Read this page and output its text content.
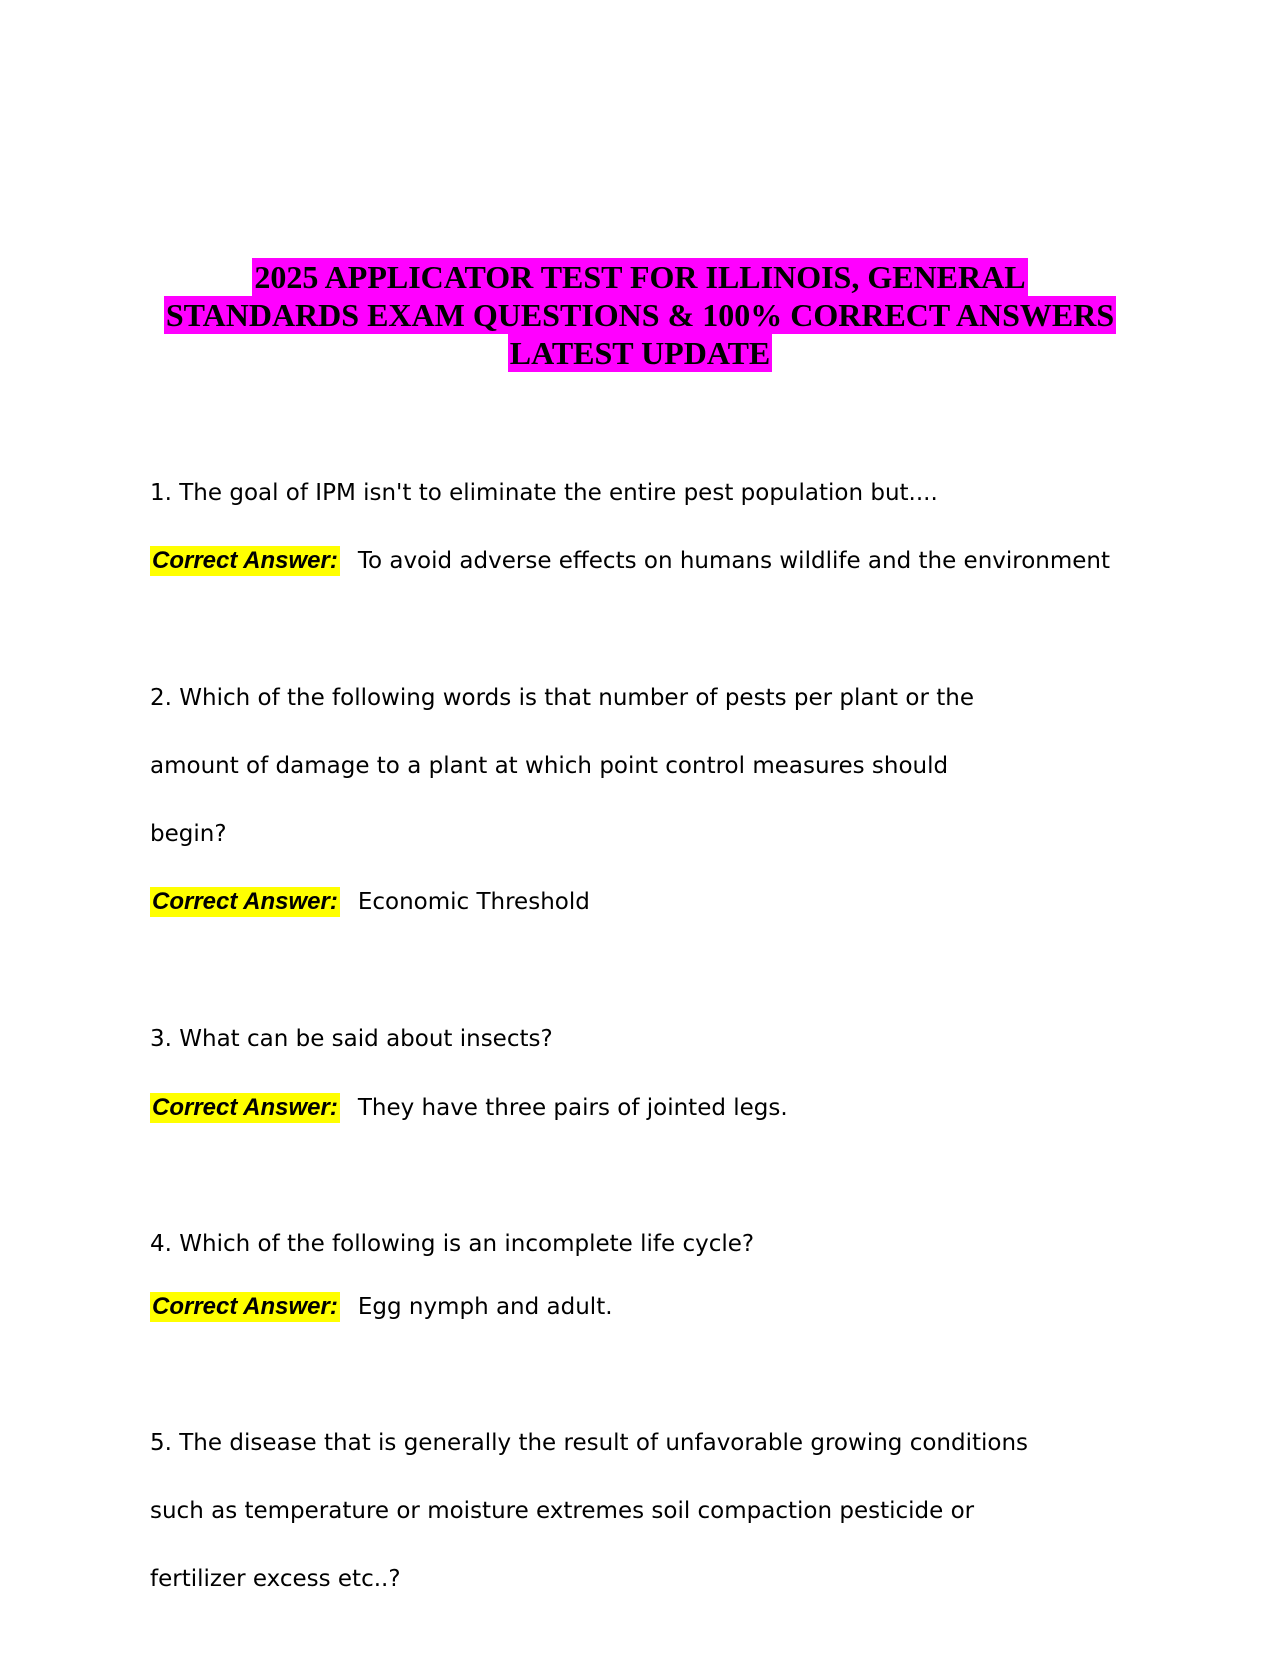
2025 APPLICATOR TEST FOR ILLINOIS, GENERAL
STANDARDS EXAM QUESTIONS & 100% CORRECT ANSWERS
LATEST UPDATE
1. The goal of IPM isn't to eliminate the entire pest population but....
Correct Answer: To avoid adverse effects on humans wildlife and the environment
2. Which of the following words is that number of pests per plant or the
amount of damage to a plant at which point control measures should
begin?
Correct Answer: Economic Threshold
3. What can be said about insects?
Correct Answer: They have three pairs of jointed legs.
4. Which of the following is an incomplete life cycle?
Correct Answer: Egg nymph and adult.
5. The disease that is generally the result of unfavorable growing conditions
such as temperature or moisture extremes soil compaction pesticide or
fertilizer excess etc..?
